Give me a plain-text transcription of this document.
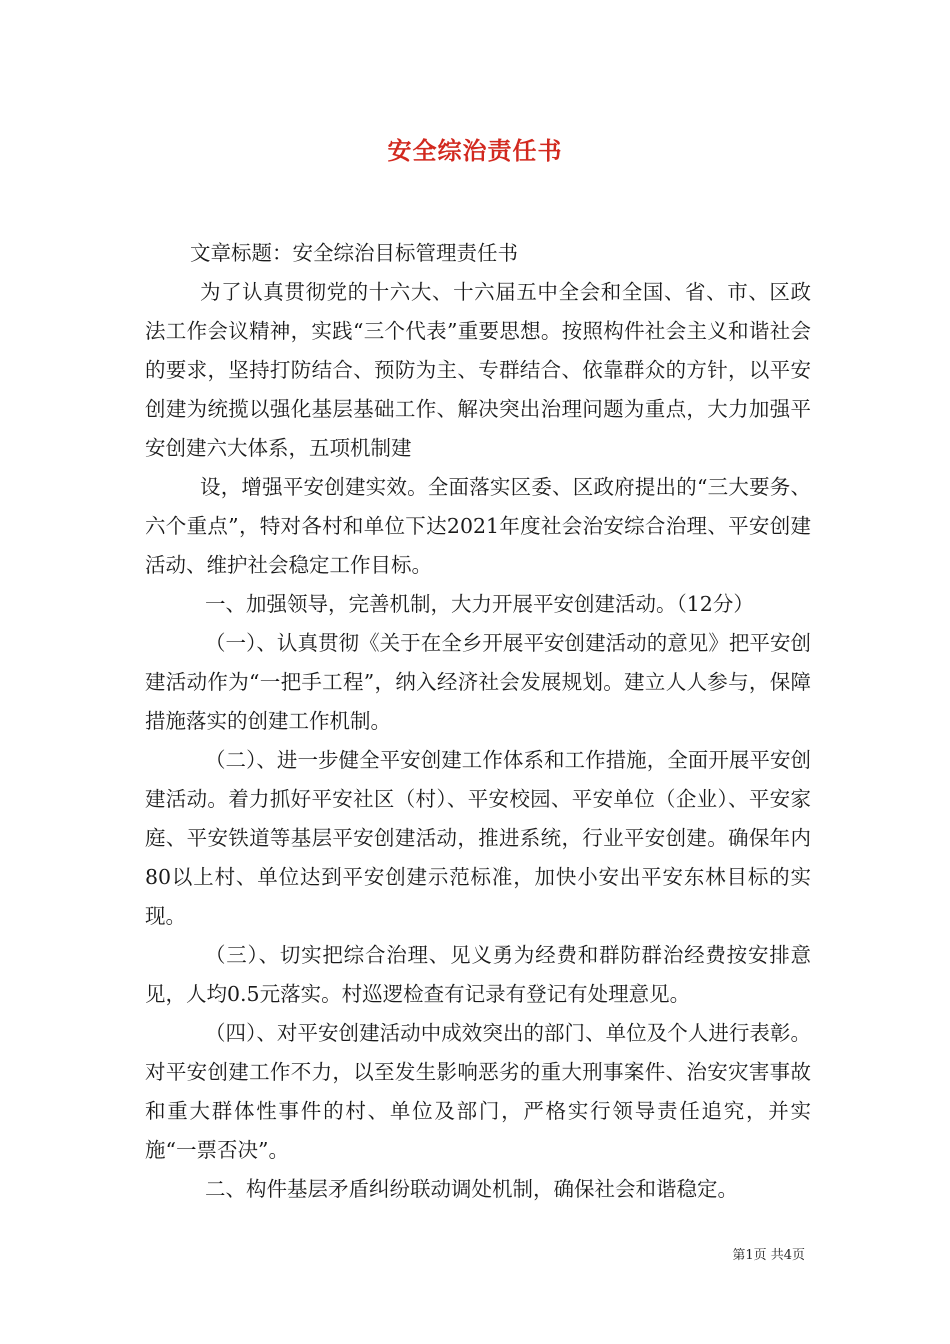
安全综治责任书

文章标题：安全综治目标管理责任书

为了认真贯彻党的十六大、十六届五中全会和全国、省、市、区政法工作会议精神，实践“三个代表”重要思想。按照构件社会主义和谐社会的要求，坚持打防结合、预防为主、专群结合、依靠群众的方针，以平安创建为统揽以强化基层基础工作、解决突出治理问题为重点，大力加强平安创建六大体系，五项机制建

设，增强平安创建实效。全面落实区委、区政府提出的“三大要务、六个重点”，特对各村和单位下达2021年度社会治安综合治理、平安创建活动、维护社会稳定工作目标。

一、加强领导，完善机制，大力开展平安创建活动。（12分）

（一）、认真贯彻《关于在全乡开展平安创建活动的意见》把平安创建活动作为“一把手工程”，纳入经济社会发展规划。建立人人参与，保障措施落实的创建工作机制。

（二）、进一步健全平安创建工作体系和工作措施，全面开展平安创建活动。着力抓好平安社区（村）、平安校园、平安单位（企业）、平安家庭、平安铁道等基层平安创建活动，推进系统，行业平安创建。确保年内80以上村、单位达到平安创建示范标准，加快小安出平安东林目标的实现。

（三）、切实把综合治理、见义勇为经费和群防群治经费按安排意见，人均0.5元落实。村巡逻检查有记录有登记有处理意见。

（四）、对平安创建活动中成效突出的部门、单位及个人进行表彰。对平安创建工作不力，以至发生影响恶劣的重大刑事案件、治安灾害事故和重大群体性事件的村、单位及部门，严格实行领导责任追究，并实施“一票否决”。

二、构件基层矛盾纠纷联动调处机制，确保社会和谐稳定。

第1页 共4页
